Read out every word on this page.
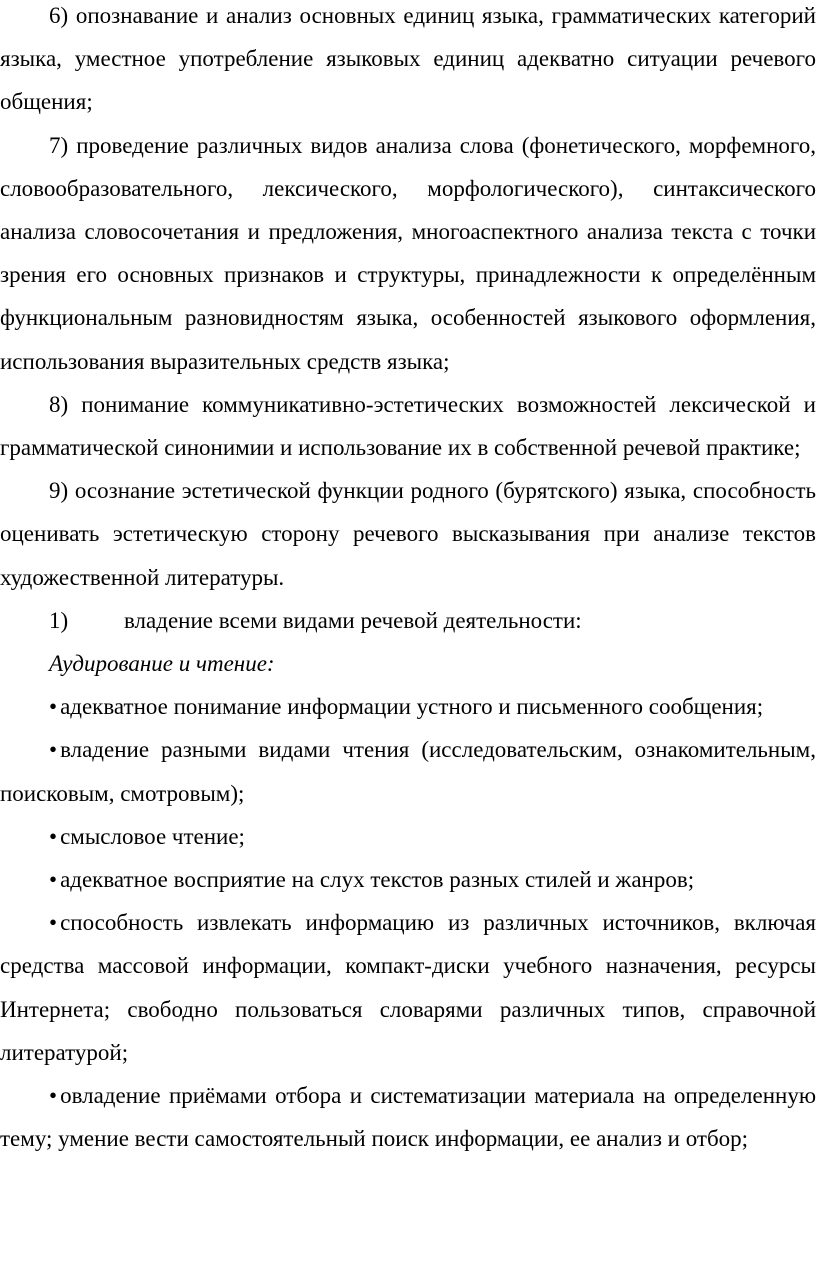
6) опознавание и анализ основных единиц языка, грамматических категорий языка, уместное употребление языковых единиц адекватно ситуации речевого общения;

7) проведение различных видов анализа слова (фонетического, морфемного, словообразовательного, лексического, морфологического), синтаксического анализа словосочетания и предложения, многоаспектного анализа текста с точки зрения его основных признаков и структуры, принадлежности к определённым функциональным разновидностям языка, особенностей языкового оформления, использования выразительных средств языка;

8) понимание коммуникативно-эстетических возможностей лексической и грамматической синонимии и использование их в собственной речевой практике;

9) осознание эстетической функции родного (бурятского) языка, способность оценивать эстетическую сторону речевого высказывания при анализе текстов художественной литературы.

1) владение всеми видами речевой деятельности:

Аудирование и чтение:

• адекватное понимание информации устного и письменного сообщения;

• владение разными видами чтения (исследовательским, ознакомительным, поисковым, смотровым);

• смысловое чтение;

• адекватное восприятие на слух текстов разных стилей и жанров;

• способность извлекать информацию из различных источников, включая средства массовой информации, компакт-диски учебного назначения, ресурсы Интернета; свободно пользоваться словарями различных типов, справочной литературой;

• овладение приёмами отбора и систематизации материала на определенную тему; умение вести самостоятельный поиск информации, ее анализ и отбор;
